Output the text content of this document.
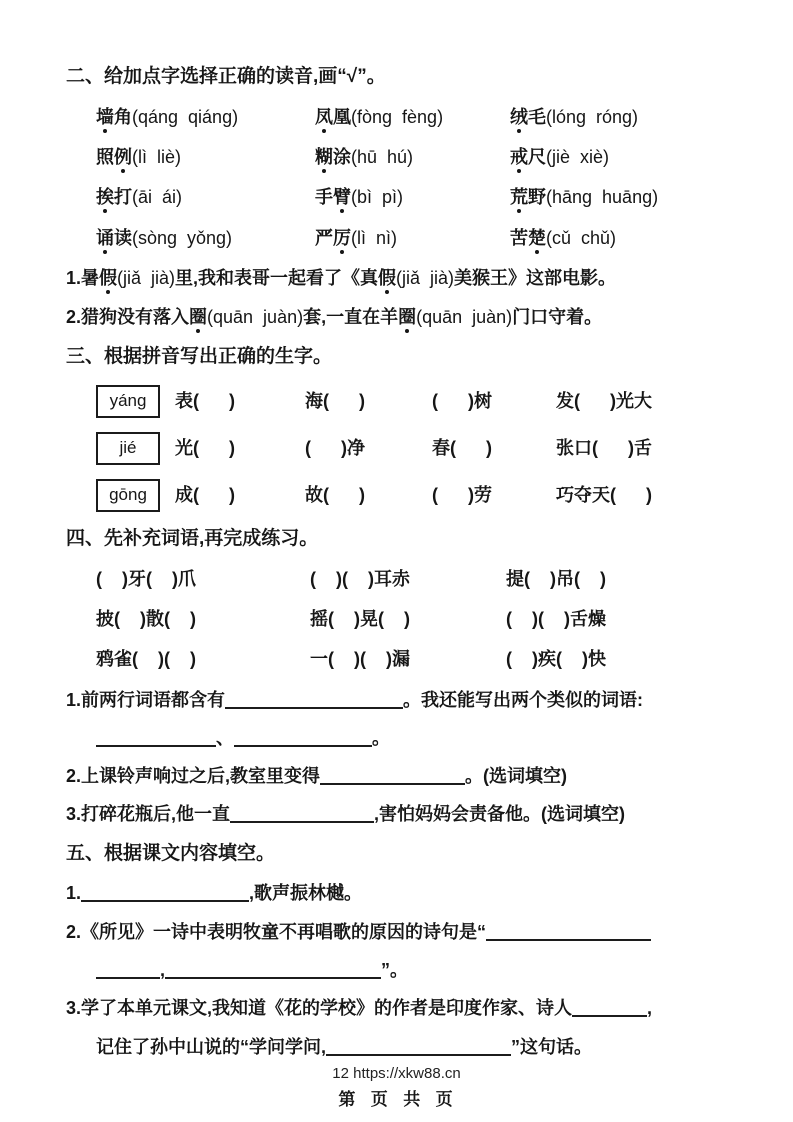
二、给加点字选择正确的读音,画“√”。
墙角(qáng  qiáng)	凤凰(fòng  fèng)	绒毛(lóng  róng)
照例(lì  liè)	糊涂(hū  hú)	戒尺(jiè  xiè)
挨打(āi  ái)	手臂(bì  pì)	荒野(hāng  huāng)
诵读(sòng  yǒng)	严厉(lì  nì)	苦楚(cǔ  chǔ)

1.暑假(jiǎ  jià)里,我和表哥一起看了《真假(jiǎ  jià)美猴王》这部电影。

2.猎狗没有落入圈(quān  juàn)套,一直在羊圈(quān  juàn)门口守着。

三、根据拼音写出正确的生字。
yáng	表(      )	海(      )	(      )树	发(      )光大
jié	光(      )	(      )净	春(      )	张口(      )舌
gōng	成(      )	故(      )	(      )劳	巧夺天(      )
四、先补充词语,再完成练习。
(    )牙(    )爪	(    )(    )耳赤	提(    )吊(    )
披(    )散(    )	摇(    )晃(    )	(    )(    )舌燥
鸦雀(    )(    )	一(    )(    )漏	(    )疾(    )快

1.前两行词语都含有	。我还能写出两个类似的词语:

、	。

2.上课铃声响过之后,教室里变得	。(选词填空)

3.打碎花瓶后,他一直	,害怕妈妈会责备他。(选词填空)

五、根据课文内容填空。

1.	,歌声振林樾。

2.《所见》一诗中表明牧童不再唱歌的原因的诗句是“

,	”。

3.学了本单元课文,我知道《花的学校》的作者是印度作家、诗人	,

记住了孙中山说的“学问学问,	”这句话。

12 https://xkw88.cn
第  页  共  页
